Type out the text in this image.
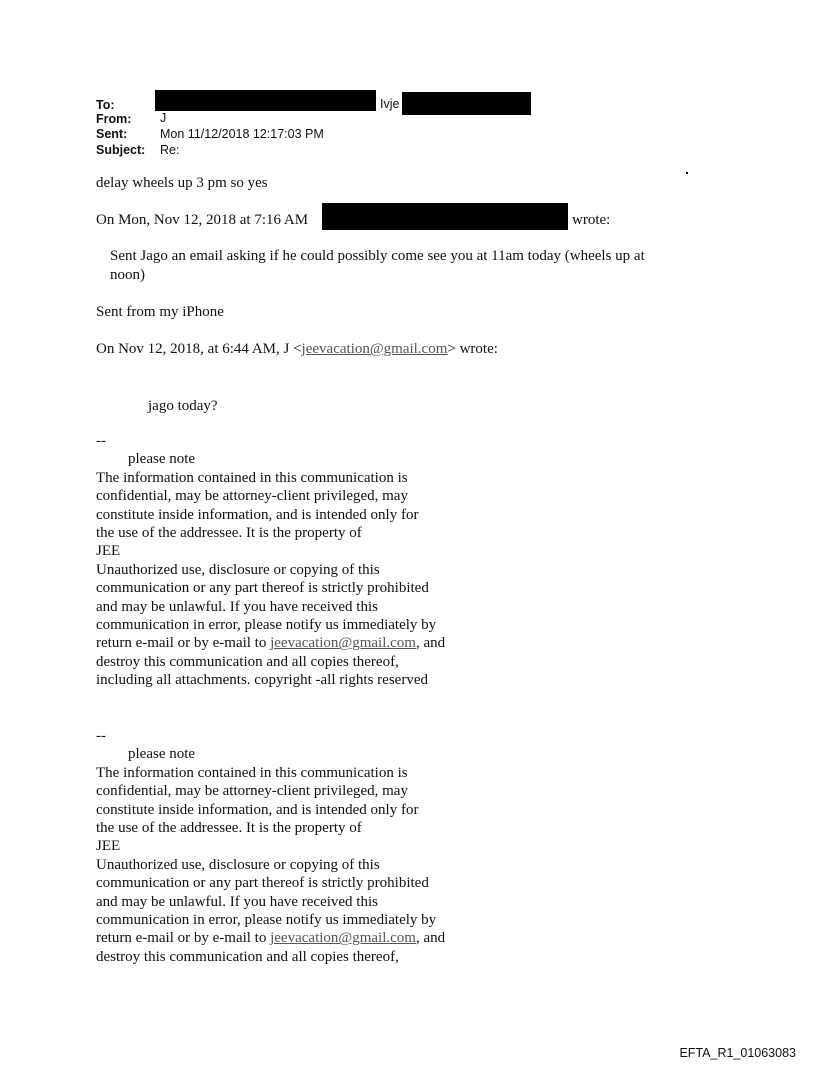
To:	Ivje
From: J
Sent:	Mon 11/12/2018 12:17:03 PM
Subject: Re:
delay wheels up 3 pm so yes
On Mon, Nov 12, 2018 at 7:16 AM	wrote:
Sent Jago an email asking if he could possibly come see you at 11am today (wheels up at
noon)
Sent from my iPhone
On Nov 12, 2018, at 6:44 AM, J <jeevacation@gmail.com> wrote:
jago today?
--
please note
The information contained in this communication is
confidential, may be attorney-client privileged, may
constitute inside information, and is intended only for
the use of the addressee. It is the property of
JEE
Unauthorized use, disclosure or copying of this
communication or any part thereof is strictly prohibited
and may be unlawful. If you have received this
communication in error, please notify us immediately by
return e-mail or by e-mail to jeevacation@gmail.com, and
destroy this communication and all copies thereof,
including all attachments. copyright -all rights reserved
--
please note
The information contained in this communication is
confidential, may be attorney-client privileged, may
constitute inside information, and is intended only for
the use of the addressee. It is the property of
JEE
Unauthorized use, disclosure or copying of this
communication or any part thereof is strictly prohibited
and may be unlawful. If you have received this
communication in error, please notify us immediately by
return e-mail or by e-mail to jeevacation@gmail.com, and
destroy this communication and all copies thereof,
EFTA_R1_01063083
